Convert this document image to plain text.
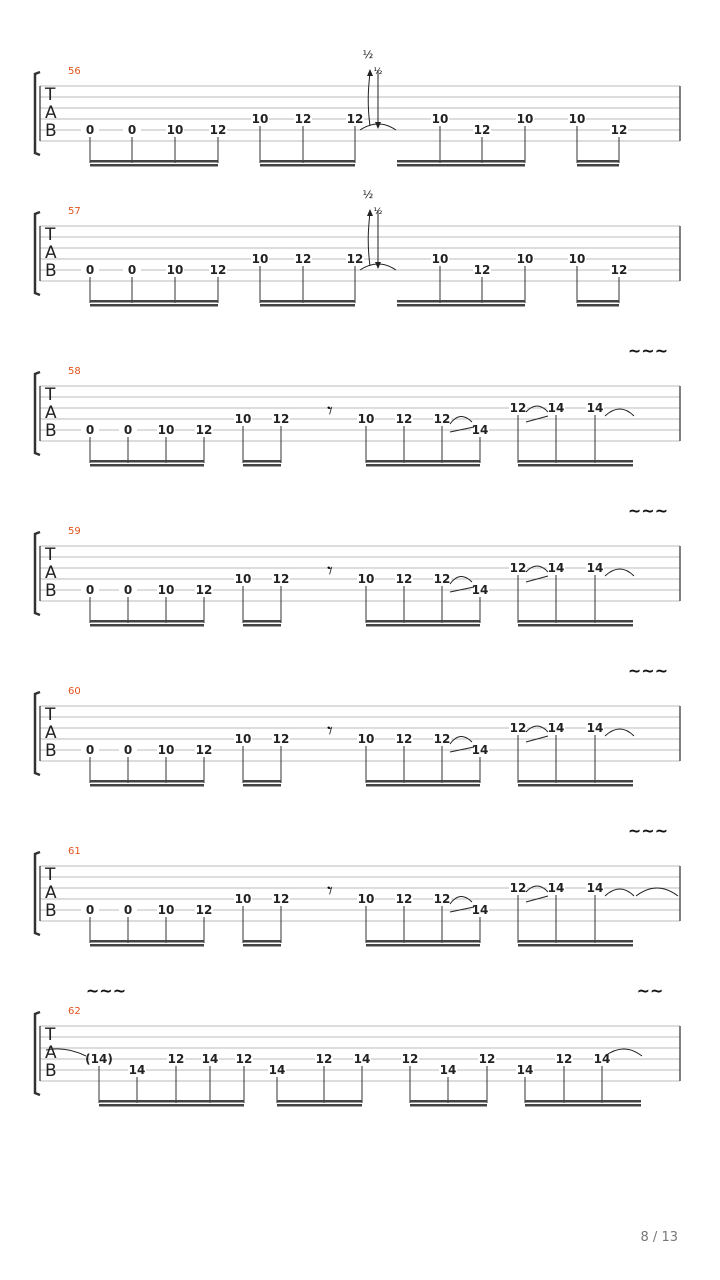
T
A
B
56
0	0	10 12
10 12	12	10
12
10	10
12
½
½
T
A
B
57
0	0	10 12
10 12	12	10
12
10	10
12
½
½
T
A
B
58
0 0 10 12
10 12	10 12 12
14
12 14 14
𝄾
~~~
T
A
B
59
0 0 10 12
10 12	10 12 12
14
12 14 14
𝄾
~~~
T
A
B
60
0 0 10 12
10 12	10 12 12
14
12 14 14
𝄾
~~~
T
A
B
61
0 0 10 12
10 12	10 12 12
14
12 14 14
𝄾
~~~
T
A
B
62
(14)
14
12 14 12
14
12 14	12
14
12
14
12 14
~~~	~~
8 / 13
